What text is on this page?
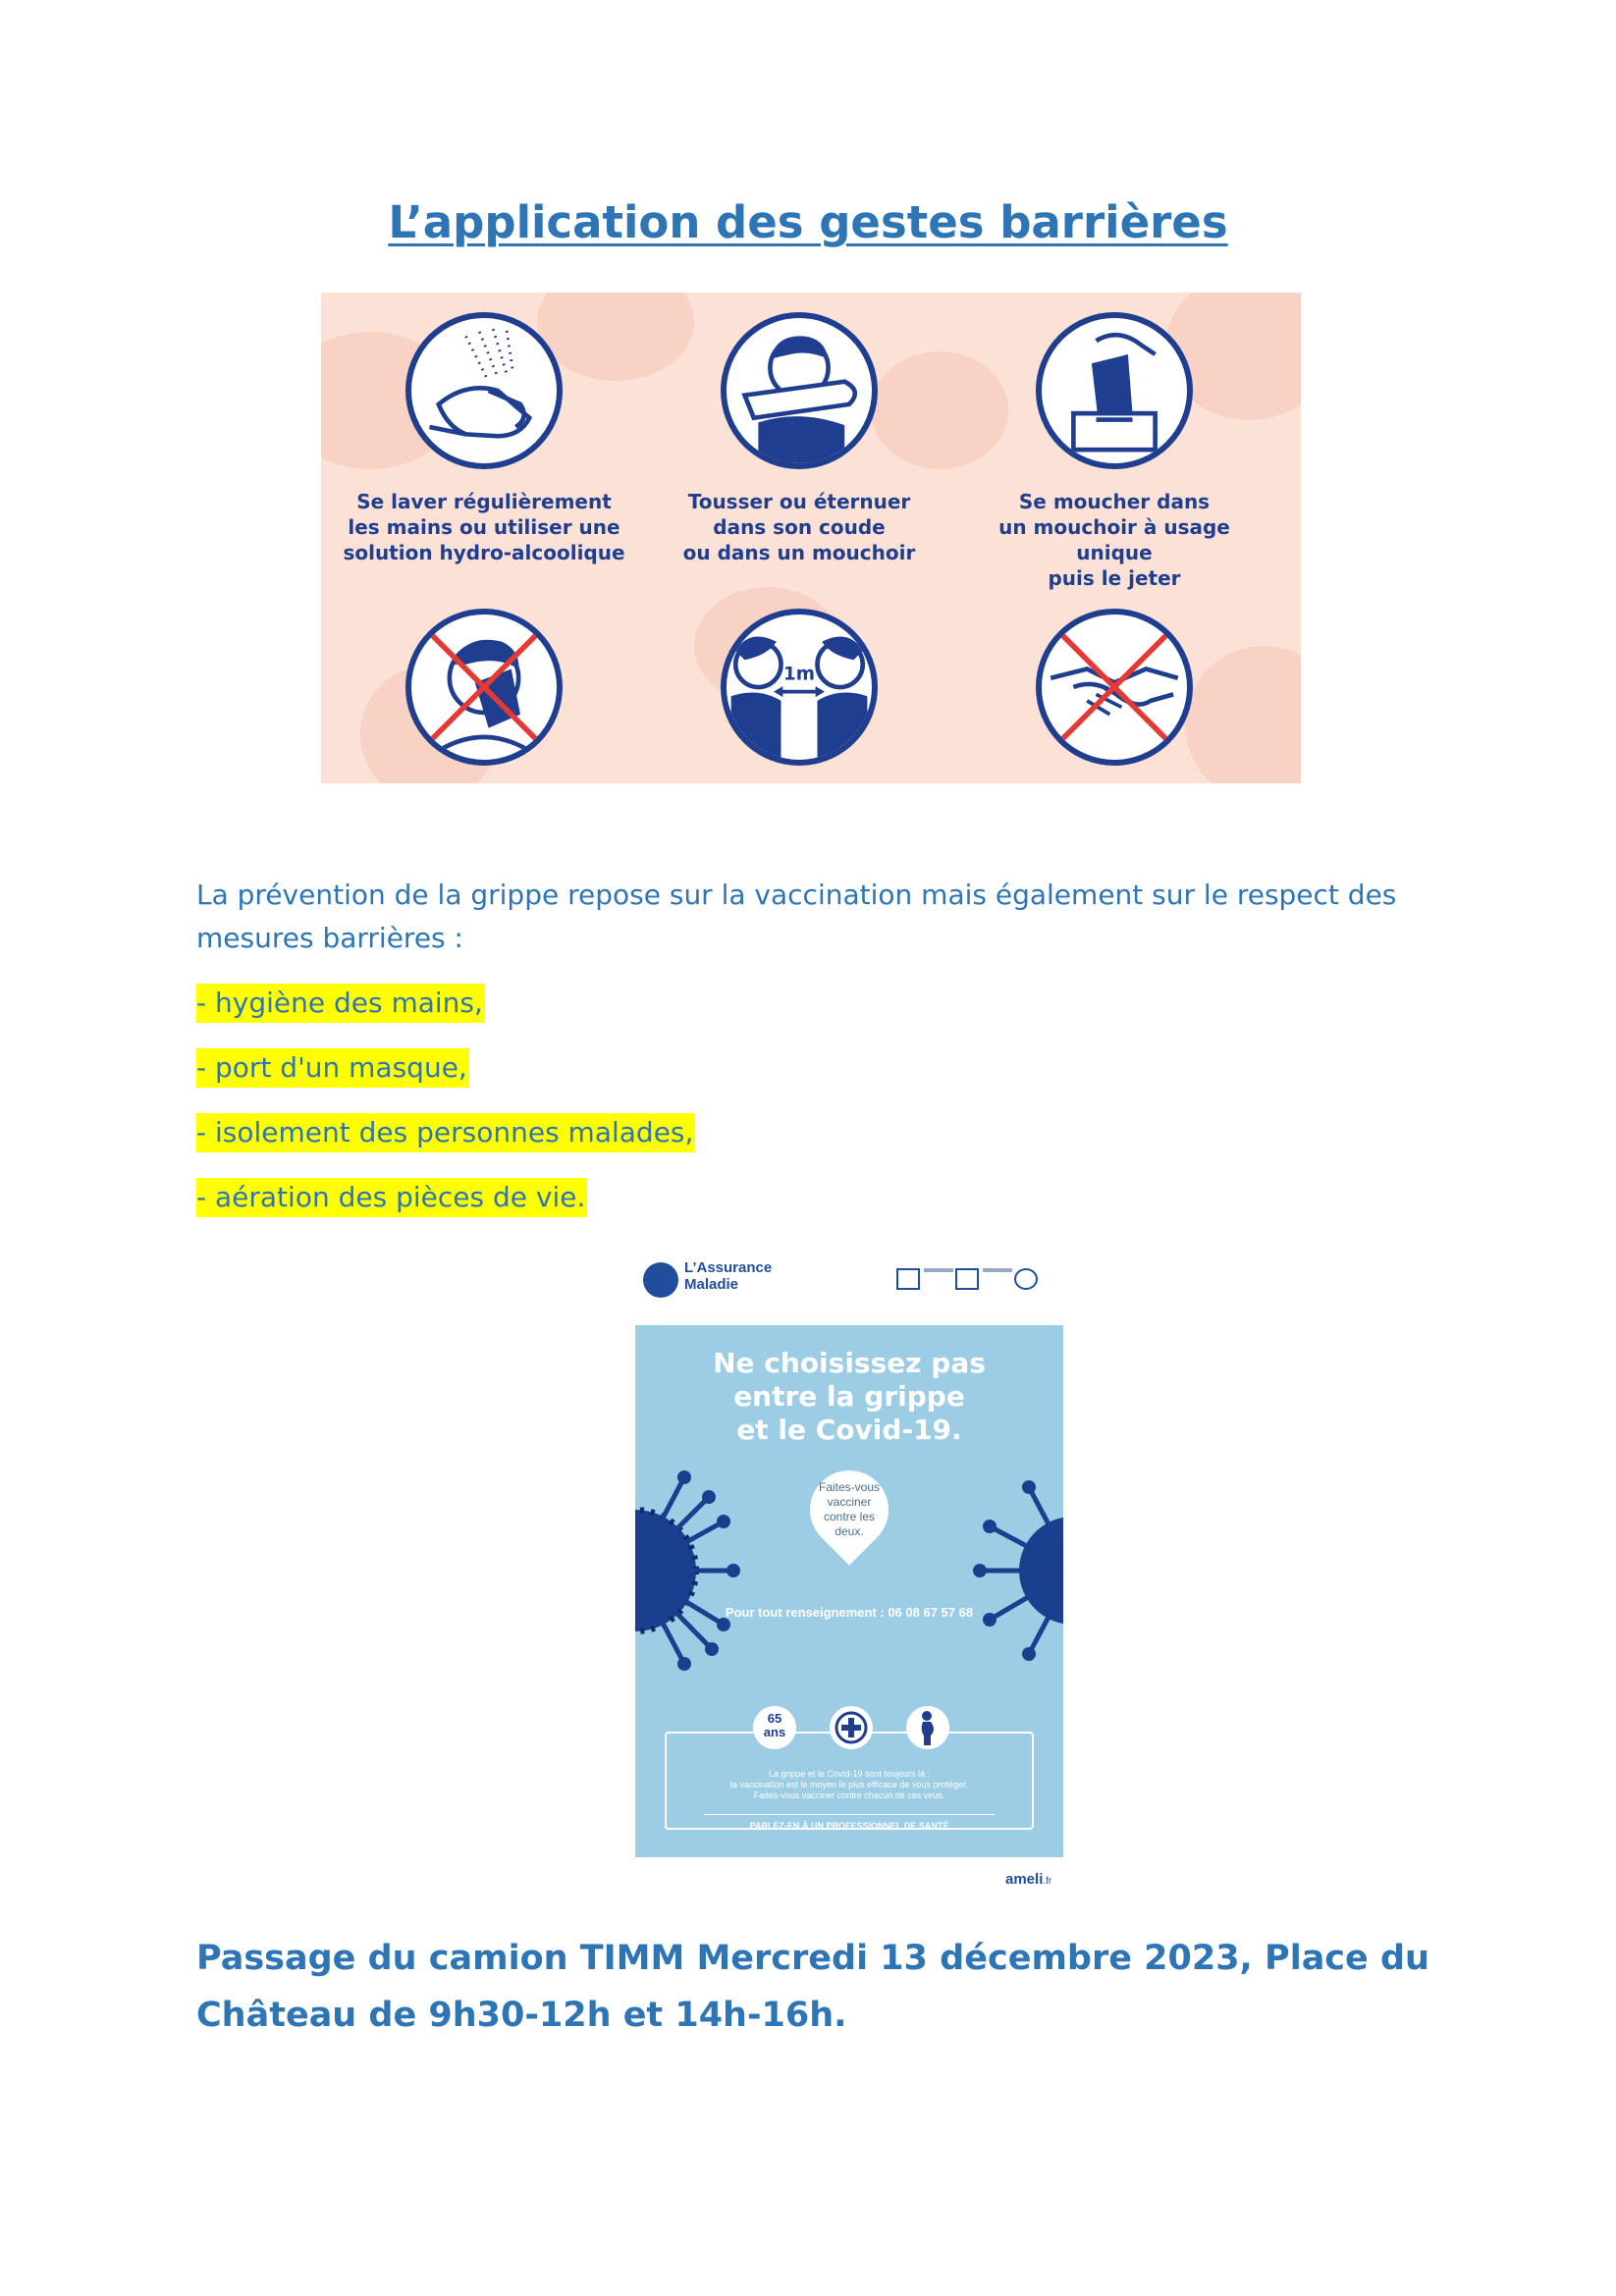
L’application des gestes barrières
Se laver régulièrement
les mains ou utiliser une
solution hydro-alcoolique
Tousser ou éternuer
dans son coude
ou dans un mouchoir
Se moucher dans
un mouchoir à usage unique
puis le jeter
1m
La prévention de la grippe repose sur la vaccination mais également sur le respect des
mesures barrières :
- hygiène des mains,
- port d'un masque,
- isolement des personnes malades,
- aération des pièces de vie.
L’Assurance
Maladie
Ne choisissez pas
entre la grippe
et le Covid-19.
Faites-vous
vacciner
contre les
deux.
Pour tout renseignement : 06 08 67 57 68
65
ans
La grippe et le Covid-19 sont toujours là :
la vaccination est le moyen le plus efficace de vous protéger.
Faites-vous vacciner contre chacun de ces virus.
PARLEZ-EN À UN PROFESSIONNEL DE SANTÉ
ameli.fr
Passage du camion TIMM Mercredi 13 décembre 2023, Place du
Château de 9h30-12h et 14h-16h.
